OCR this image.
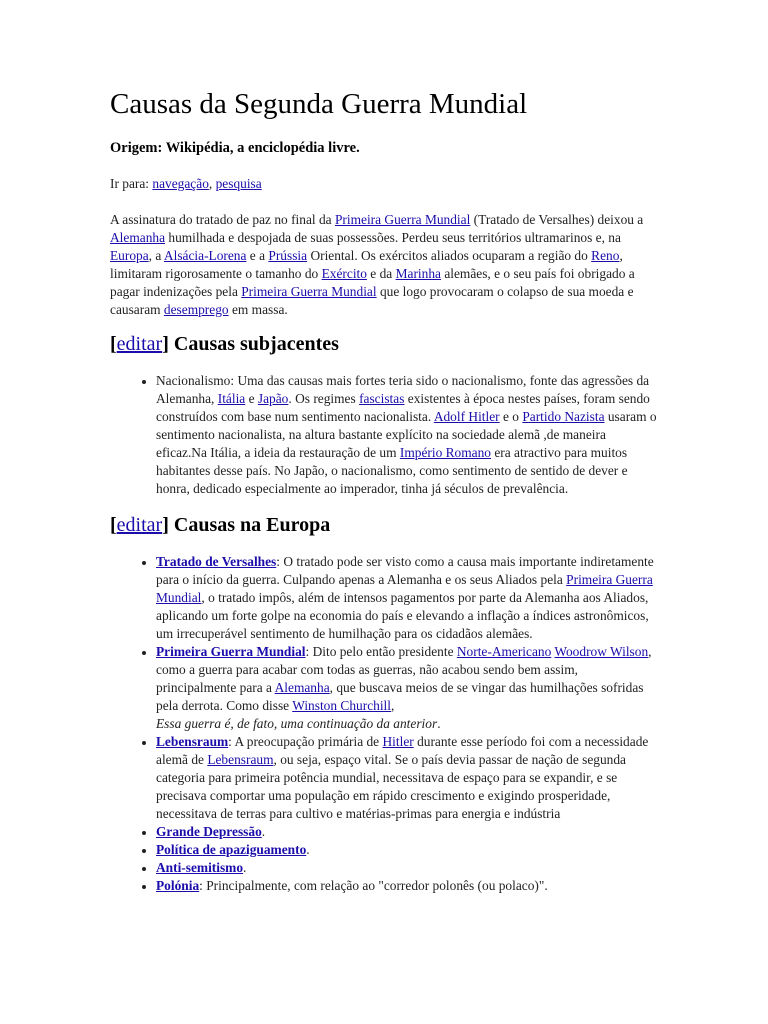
Causas da Segunda Guerra Mundial

Origem: Wikipédia, a enciclopédia livre.

Ir para: navegação, pesquisa

A assinatura do tratado de paz no final da Primeira Guerra Mundial (Tratado de Versalhes) deixou a Alemanha humilhada e despojada de suas possessões. Perdeu seus territórios ultramarinos e, na Europa, a Alsácia-Lorena e a Prússia Oriental. Os exércitos aliados ocuparam a região do Reno, limitaram rigorosamente o tamanho do Exército e da Marinha alemães, e o seu país foi obrigado a pagar indenizações pela Primeira Guerra Mundial que logo provocaram o colapso de sua moeda e causaram desemprego em massa.

[editar] Causas subjacentes
• Nacionalismo: Uma das causas mais fortes teria sido o nacionalismo, fonte das agressões da Alemanha, Itália e Japão. Os regimes fascistas existentes à época nestes países, foram sendo construídos com base num sentimento nacionalista. Adolf Hitler e o Partido Nazista usaram o sentimento nacionalista, na altura bastante explícito na sociedade alemã ,de maneira eficaz.Na Itália, a ideia da restauração de um Império Romano era atractivo para muitos habitantes desse país. No Japão, o nacionalismo, como sentimento de sentido de dever e honra, dedicado especialmente ao imperador, tinha já séculos de prevalência.
[editar] Causas na Europa
• Tratado de Versalhes: O tratado pode ser visto como a causa mais importante indiretamente para o início da guerra. Culpando apenas a Alemanha e os seus Aliados pela Primeira Guerra Mundial, o tratado impôs, além de intensos pagamentos por parte da Alemanha aos Aliados, aplicando um forte golpe na economia do país e elevando a inflação a índices astronômicos, um irrecuperável sentimento de humilhação para os cidadãos alemães.
• Primeira Guerra Mundial: Dito pelo então presidente Norte-Americano Woodrow Wilson, como a guerra para acabar com todas as guerras, não acabou sendo bem assim, principalmente para a Alemanha, que buscava meios de se vingar das humilhações sofridas pela derrota. Como disse Winston Churchill,
Essa guerra é, de fato, uma continuação da anterior.
• Lebensraum: A preocupação primária de Hitler durante esse período foi com a necessidade alemã de Lebensraum, ou seja, espaço vital. Se o país devia passar de nação de segunda categoria para primeira potência mundial, necessitava de espaço para se expandir, e se precisava comportar uma população em rápido crescimento e exigindo prosperidade, necessitava de terras para cultivo e matérias-primas para energia e indústria
• Grande Depressão.
• Política de apaziguamento.
• Anti-semitismo.
• Polónia: Principalmente, com relação ao "corredor polonês (ou polaco)".
